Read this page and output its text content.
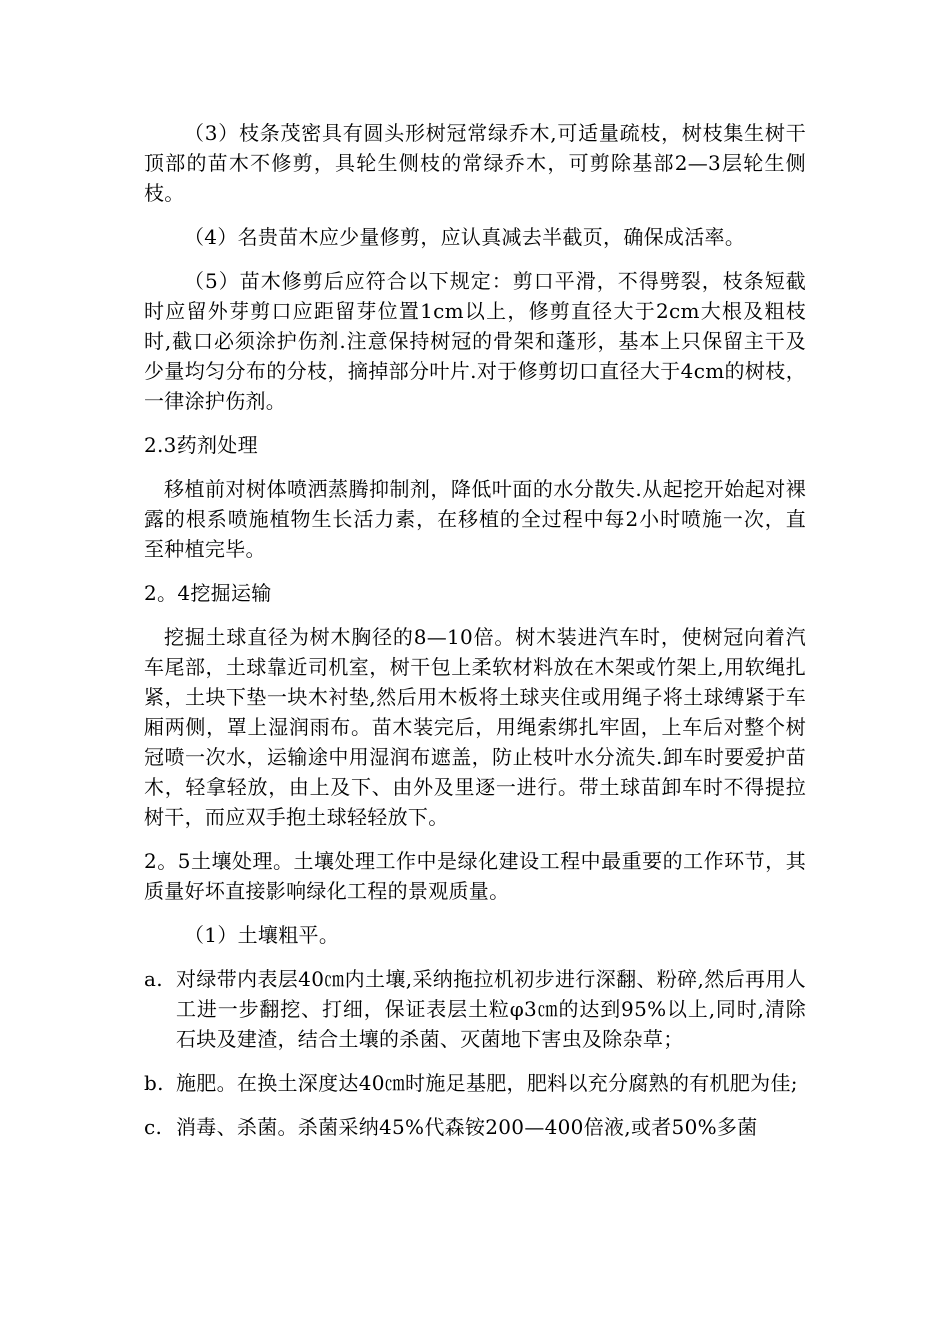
（3）枝条茂密具有圆头形树冠常绿乔木,可适量疏枝，树枝集生树干顶部的苗木不修剪，具轮生侧枝的常绿乔木，可剪除基部2—3层轮生侧枝。

（4）名贵苗木应少量修剪，应认真减去半截页，确保成活率。

（5）苗木修剪后应符合以下规定：剪口平滑，不得劈裂，枝条短截时应留外芽剪口应距留芽位置1cm以上，修剪直径大于2cm大根及粗枝时,截口必须涂护伤剂.注意保持树冠的骨架和蓬形，基本上只保留主干及少量均匀分布的分枝，摘掉部分叶片.对于修剪切口直径大于4cm的树枝，一律涂护伤剂。

2.3药剂处理

移植前对树体喷洒蒸腾抑制剂，降低叶面的水分散失.从起挖开始起对裸露的根系喷施植物生长活力素，在移植的全过程中每2小时喷施一次，直至种植完毕。

2。4挖掘运输

挖掘土球直径为树木胸径的8—10倍。树木装进汽车时，使树冠向着汽车尾部，土球靠近司机室，树干包上柔软材料放在木架或竹架上,用软绳扎紧，土块下垫一块木衬垫,然后用木板将土球夹住或用绳子将土球缚紧于车厢两侧，罩上湿润雨布。苗木装完后，用绳索绑扎牢固，上车后对整个树冠喷一次水，运输途中用湿润布遮盖，防止枝叶水分流失.卸车时要爱护苗木，轻拿轻放，由上及下、由外及里逐一进行。带土球苗卸车时不得提拉树干，而应双手抱土球轻轻放下。

2。5土壤处理。土壤处理工作中是绿化建设工程中最重要的工作环节，其质量好坏直接影响绿化工程的景观质量。

（1）土壤粗平。

a. 对绿带内表层40㎝内土壤,采纳拖拉机初步进行深翻、粉碎,然后再用人工进一步翻挖、打细，保证表层土粒φ3㎝的达到95%以上,同时,清除石块及建渣，结合土壤的杀菌、灭菌地下害虫及除杂草；
b. 施肥。在换土深度达40㎝时施足基肥，肥料以充分腐熟的有机肥为佳;
c. 消毒、杀菌。杀菌采纳45%代森铵200—400倍液,或者50%多菌
